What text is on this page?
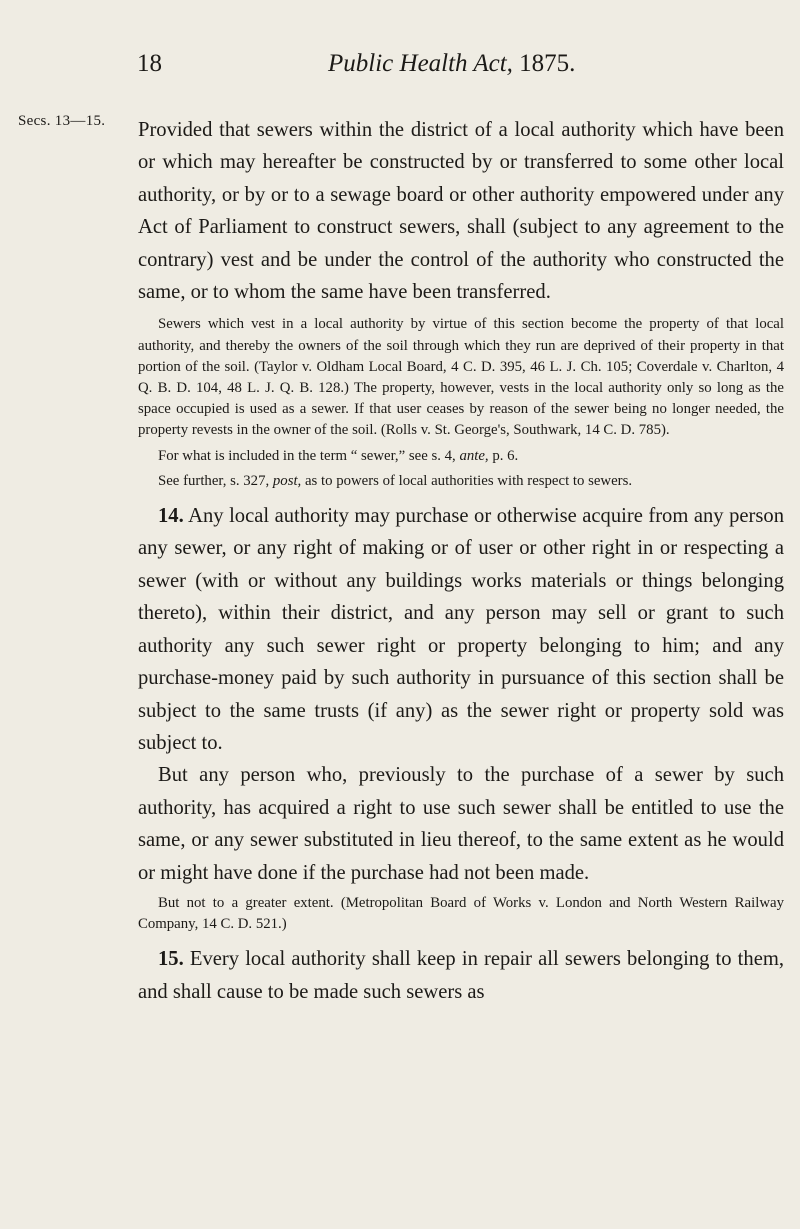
18	Public Health Act, 1875.
Secs. 13—15. Provided that sewers within the district of a local authority which have been or which may hereafter be constructed by or transferred to some other local authority, or by or to a sewage board or other authority empowered under any Act of Parliament to construct sewers, shall (subject to any agreement to the contrary) vest and be under the control of the authority who constructed the same, or to whom the same have been transferred.

Sewers which vest in a local authority by virtue of this section become the property of that local authority, and thereby the owners of the soil through which they run are deprived of their property in that portion of the soil. (Taylor v. Oldham Local Board, 4 C. D. 395, 46 L. J. Ch. 105; Coverdale v. Charlton, 4 Q. B. D. 104, 48 L. J. Q. B. 128.) The property, however, vests in the local authority only so long as the space occupied is used as a sewer. If that user ceases by reason of the sewer being no longer needed, the property revests in the owner of the soil. (Rolls v. St. George's, Southwark, 14 C. D. 785).

For what is included in the term “ sewer,” see s. 4, ante, p. 6.

See further, s. 327, post, as to powers of local authorities with respect to sewers.

14. Any local authority may purchase or otherwise acquire from any person any sewer, or any right of making or of user or other right in or respecting a sewer (with or without any buildings works materials or things belonging thereto), within their district, and any person may sell or grant to such authority any such sewer right or property belonging to him; and any purchase-money paid by such authority in pursuance of this section shall be subject to the same trusts (if any) as the sewer right or property sold was subject to.

But any person who, previously to the purchase of a sewer by such authority, has acquired a right to use such sewer shall be entitled to use the same, or any sewer substituted in lieu thereof, to the same extent as he would or might have done if the purchase had not been made.

But not to a greater extent. (Metropolitan Board of Works v. London and North Western Railway Company, 14 C. D. 521.)

15. Every local authority shall keep in repair all sewers belonging to them, and shall cause to be made such sewers as
